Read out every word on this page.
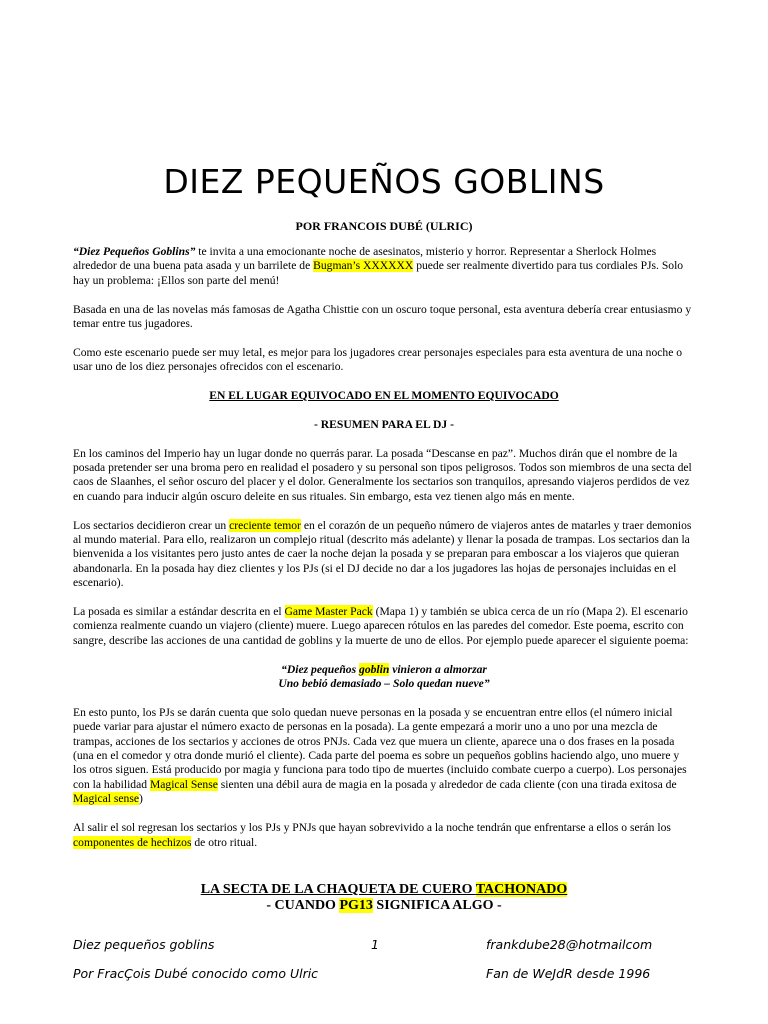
DIEZ PEQUEÑOS GOBLINS
POR FRANCOIS DUBÉ (ULRIC)

“Diez Pequeños Goblins” te invita a una emocionante noche de asesinatos, misterio y horror. Representar a Sherlock Holmes alrededor de una buena pata asada y un barrilete de Bugman’s XXXXXX puede ser realmente divertido para tus cordiales PJs. Solo hay un problema: ¡Ellos son parte del menú!

Basada en una de las novelas más famosas de Agatha Chisttie con un oscuro toque personal, esta aventura debería crear entusiasmo y temar entre tus jugadores.

Como este escenario puede ser muy letal, es mejor para los jugadores crear personajes especiales para esta aventura de una noche o usar uno de los diez personajes ofrecidos con el escenario.

EN EL LUGAR EQUIVOCADO EN EL MOMENTO EQUIVOCADO

- RESUMEN PARA EL DJ -

En los caminos del Imperio hay un lugar donde no querrás parar. La posada “Descanse en paz”. Muchos dirán que el nombre de la posada pretender ser una broma pero en realidad el posadero y su personal son tipos peligrosos. Todos son miembros de una secta del caos de Slaanhes, el señor oscuro del placer y el dolor. Generalmente los sectarios son tranquilos, apresando viajeros perdidos de vez en cuando para inducir algún oscuro deleite en sus rituales. Sin embargo, esta vez tienen algo más en mente.

Los sectarios decidieron crear un creciente temor en el corazón de un pequeño número de viajeros antes de matarles y traer demonios al mundo material. Para ello, realizaron un complejo ritual (descrito más adelante) y llenar la posada de trampas. Los sectarios dan la bienvenida a los visitantes pero justo antes de caer la noche dejan la posada y se preparan para emboscar a los viajeros que quieran abandonarla. En la posada hay diez clientes y los PJs (si el DJ decide no dar a los jugadores las hojas de personajes incluidas en el escenario).

La posada es similar a estándar descrita en el Game Master Pack (Mapa 1) y también se ubica cerca de un río (Mapa 2). El escenario comienza realmente cuando un viajero (cliente) muere. Luego aparecen rótulos en las paredes del comedor. Este poema, escrito con sangre, describe las acciones de una cantidad de goblins y la muerte de uno de ellos. Por ejemplo puede aparecer el siguiente poema:

“Diez pequeños goblin vinieron a almorzar
Uno bebió demasiado – Solo quedan nueve”

En esto punto, los PJs se darán cuenta que solo quedan nueve personas en la posada y se encuentran entre ellos (el número inicial puede variar para ajustar el número exacto de personas en la posada). La gente empezará a morir uno a uno por una mezcla de trampas, acciones de los sectarios y acciones de otros PNJs. Cada vez que muera un cliente, aparece una o dos frases en la posada (una en el comedor y otra donde murió el cliente). Cada parte del poema es sobre un pequeños goblins haciendo algo, uno muere y los otros siguen. Está producido por magia y funciona para todo tipo de muertes (incluido combate cuerpo a cuerpo). Los personajes con la habilidad Magical Sense sienten una débil aura de magia en la posada y alrededor de cada cliente (con una tirada exitosa de Magical sense)

Al salir el sol regresan los sectarios y los PJs y PNJs que hayan sobrevivido a la noche tendrán que enfrentarse a ellos o serán los componentes de hechizos de otro ritual.

LA SECTA DE LA CHAQUETA DE CUERO TACHONADO
- CUANDO PG13 SIGNIFICA ALGO -
Diez pequeños goblins	1	frankdube28@hotmailcom
Por FracÇois Dubé conocido como Ulric	Fan de WeJdR desde 1996
